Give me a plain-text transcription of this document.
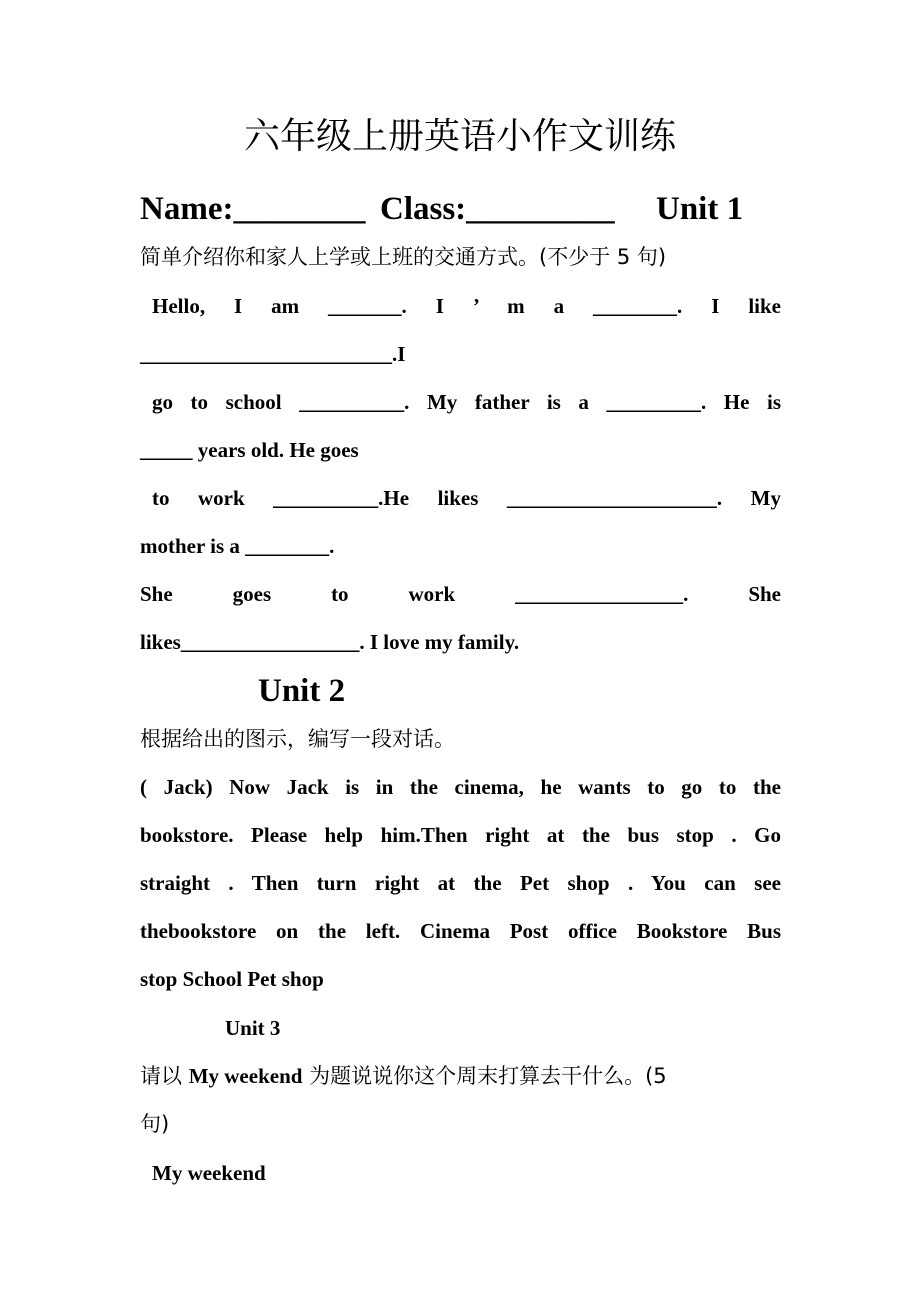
六年级上册英语小作文训练
Name:________ Class:_________ Unit 1
简单介绍你和家人上学或上班的交通方式。(不少于 5 句)
Hello, I am _______. I ’ m a ________. I like
________________________.I
go to school __________. My father is a _________. He is
_____ years old. He goes
to work __________.He likes ____________________. My
mother is a ________.
She goes to work ________________. She
likes_________________. I love my family.
Unit 2
根据给出的图示，编写一段对话。
( Jack) Now Jack is in the cinema, he wants to go to the
bookstore. Please help him.Then right at the bus stop . Go
straight . Then turn right at the Pet shop . You can see
thebookstore on the left. Cinema Post office Bookstore Bus
stop School Pet shop
Unit 3
请以 My weekend 为题说说你这个周末打算去干什么。(5
句)
My weekend
